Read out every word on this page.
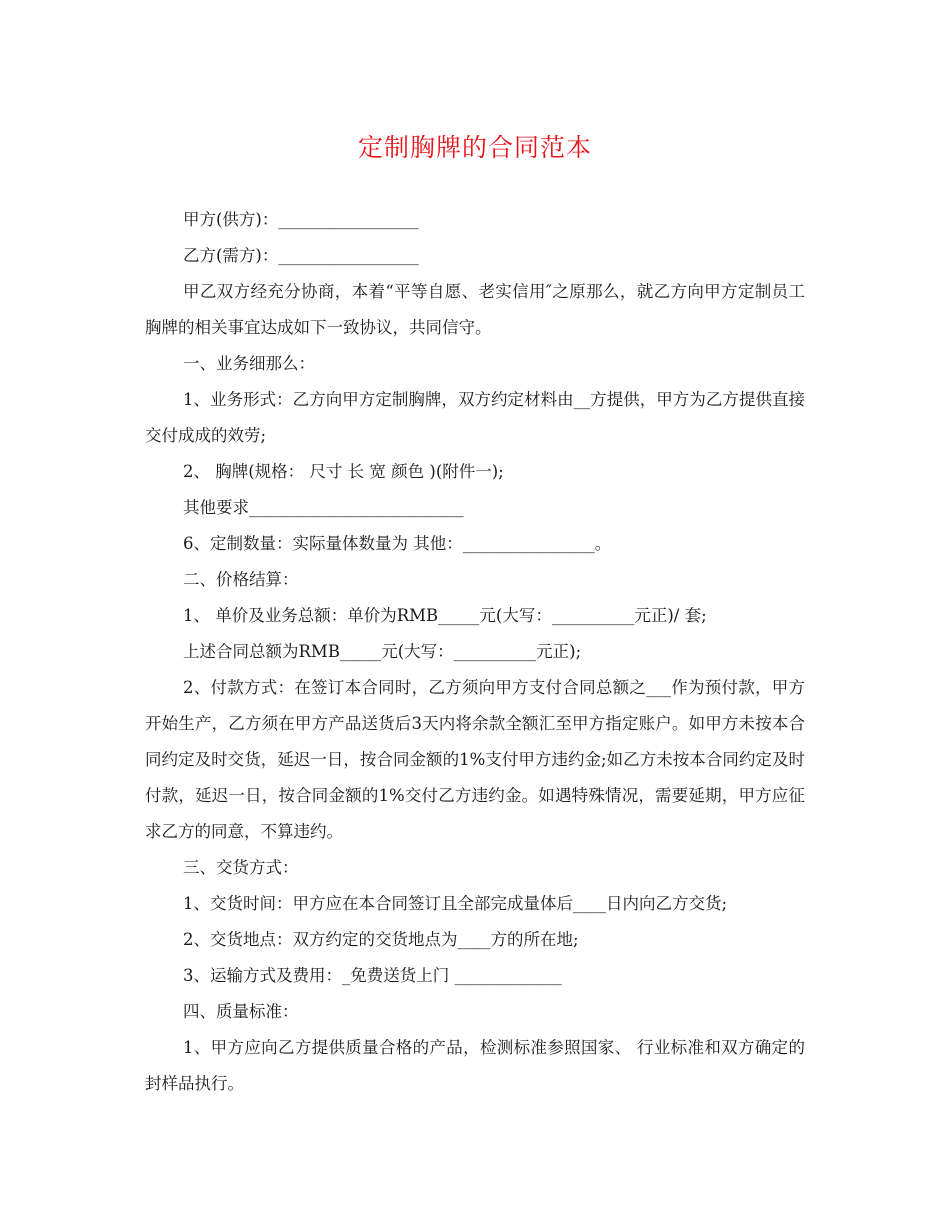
定制胸牌的合同范本

甲方(供方)：_________________

乙方(需方)：_________________

甲乙双方经充分协商，本着“平等自愿、老实信用″之原那么，就乙方向甲方定制员工胸牌的相关事宜达成如下一致协议，共同信守。

一、业务细那么：

1、业务形式：乙方向甲方定制胸牌，双方约定材料由__方提供，甲方为乙方提供直接交付成成的效劳;

2、 胸牌(规格： 尺寸 长 宽 颜色 )(附件一);

其他要求__________________________

6、定制数量：实际量体数量为 其他：________________。

二、价格结算：

1、 单价及业务总额：单价为RMB_____元(大写：__________元正)/ 套;

上述合同总额为RMB_____元(大写：__________元正);

2、付款方式：在签订本合同时，乙方须向甲方支付合同总额之___作为预付款，甲方开始生产，乙方须在甲方产品送货后3天内将余款全额汇至甲方指定账户。如甲方未按本合同约定及时交货，延迟一日，按合同金额的1%支付甲方违约金;如乙方未按本合同约定及时付款，延迟一日，按合同金额的1%交付乙方违约金。如遇特殊情况，需要延期，甲方应征求乙方的同意，不算违约。

三、交货方式：

1、交货时间：甲方应在本合同签订且全部完成量体后____日内向乙方交货;

2、交货地点：双方约定的交货地点为____方的所在地;

3、运输方式及费用：_免费送货上门 _____________

四、质量标准：

1、甲方应向乙方提供质量合格的产品，检测标准参照国家、 行业标准和双方确定的封样品执行。
